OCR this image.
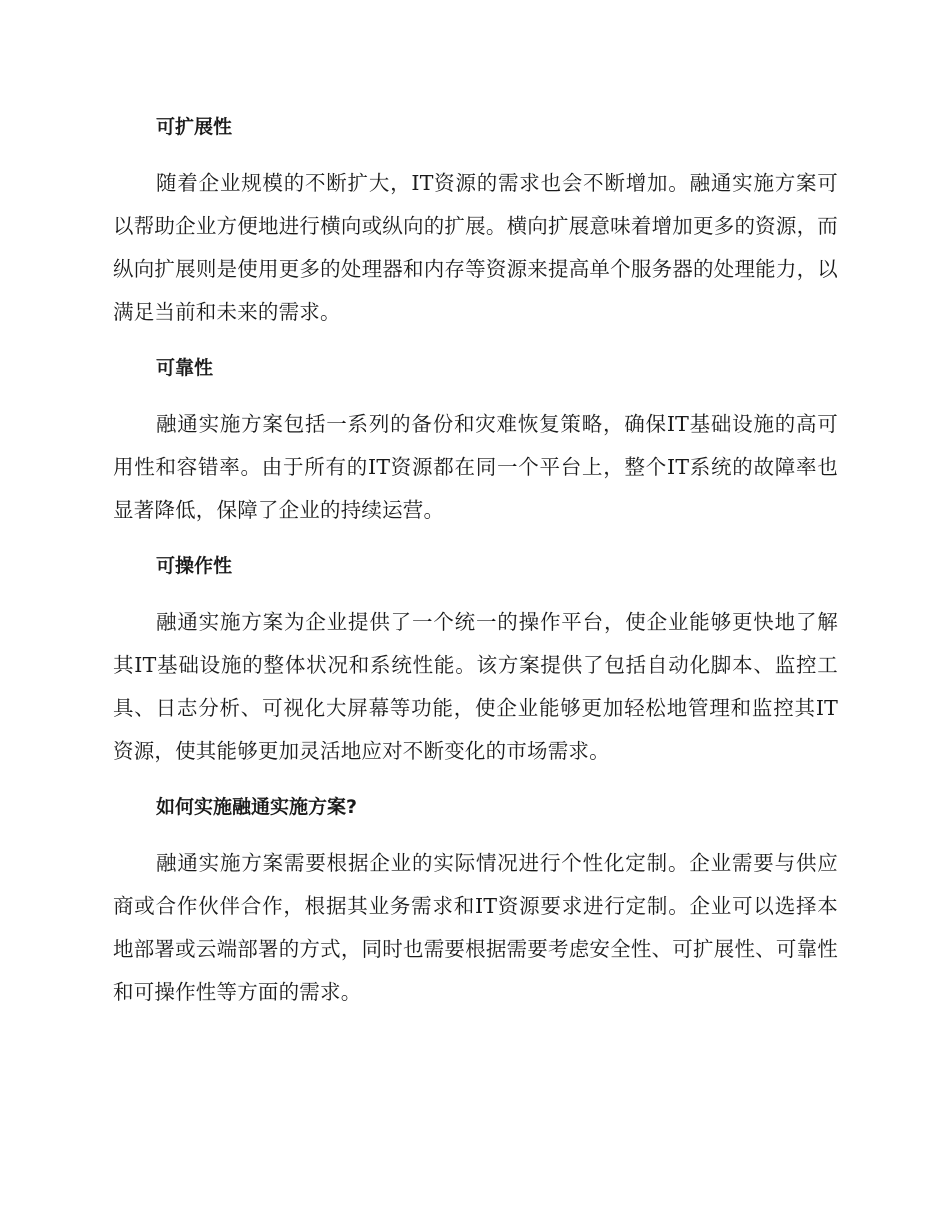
可扩展性

随着企业规模的不断扩大，IT资源的需求也会不断增加。融通实施方案可以帮助企业方便地进行横向或纵向的扩展。横向扩展意味着增加更多的资源，而纵向扩展则是使用更多的处理器和内存等资源来提高单个服务器的处理能力，以满足当前和未来的需求。

可靠性

融通实施方案包括一系列的备份和灾难恢复策略，确保IT基础设施的高可用性和容错率。由于所有的IT资源都在同一个平台上，整个IT系统的故障率也显著降低，保障了企业的持续运营。

可操作性

融通实施方案为企业提供了一个统一的操作平台，使企业能够更快地了解其IT基础设施的整体状况和系统性能。该方案提供了包括自动化脚本、监控工具、日志分析、可视化大屏幕等功能，使企业能够更加轻松地管理和监控其IT资源，使其能够更加灵活地应对不断变化的市场需求。

如何实施融通实施方案?

融通实施方案需要根据企业的实际情况进行个性化定制。企业需要与供应商或合作伙伴合作，根据其业务需求和IT资源要求进行定制。企业可以选择本地部署或云端部署的方式，同时也需要根据需要考虑安全性、可扩展性、可靠性和可操作性等方面的需求。
